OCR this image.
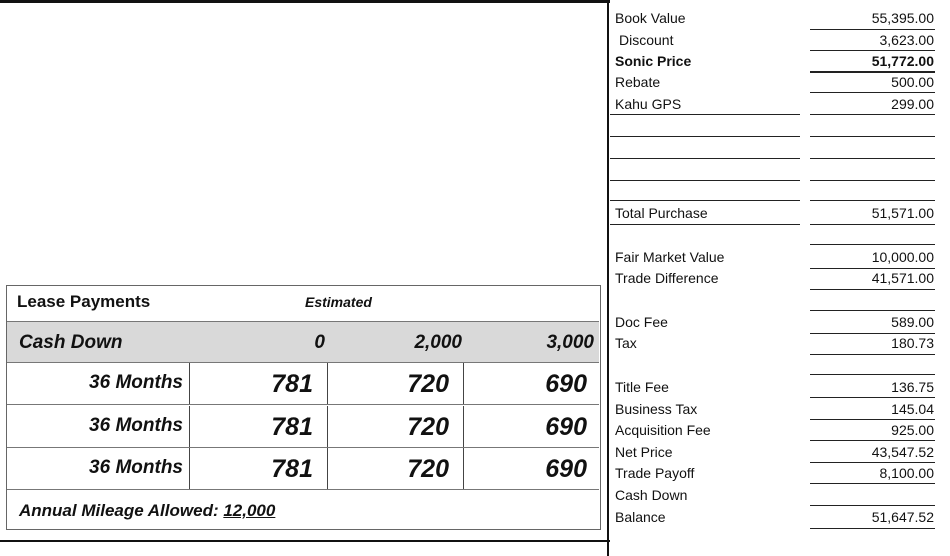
Book Value	55,395.00
Discount	3,623.00
Sonic Price	51,772.00
Rebate	500.00
Kahu GPS	299.00
Total Purchase	51,571.00
Fair Market Value	10,000.00
Trade Difference	41,571.00
Doc Fee	589.00
Tax	180.73
Title Fee	136.75
Business Tax	145.04
Acquisition Fee	925.00
Net Price	43,547.52
Trade Payoff	8,100.00
Cash Down
Balance	51,647.52
Lease Payments	Estimated
Cash Down	0	2,000	3,000
36 Months	781	720	690
36 Months	781	720	690
36 Months	781	720	690
Annual Mileage Allowed: 12,000
